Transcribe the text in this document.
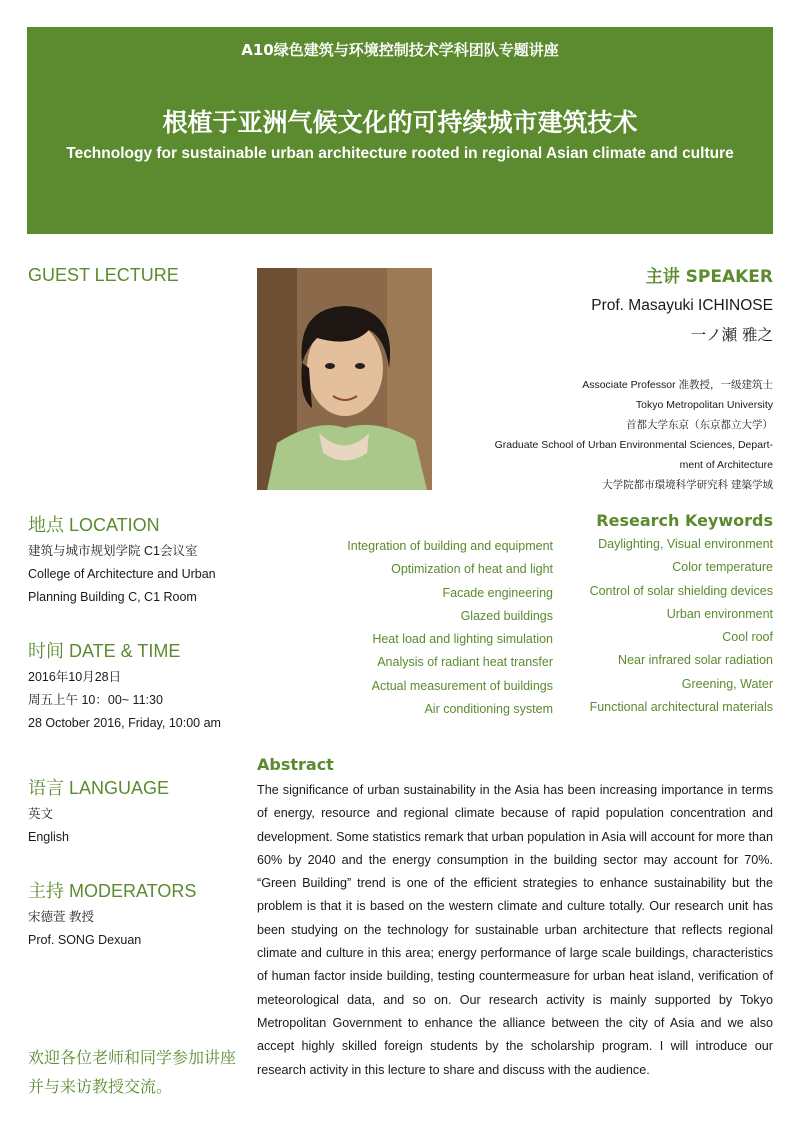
A10绿色建筑与环境控制技术学科团队专题讲座
根植于亚洲气候文化的可持续城市建筑技术
Technology for sustainable urban architecture rooted in regional Asian climate and culture
GUEST LECTURE	主讲 SPEAKER
Prof. Masayuki ICHINOSE
一ノ瀬 雅之
Associate Professor 准教授，一级建筑士
Tokyo Metropolitan University
首都大学东京（东京都立大学）
Graduate School of Urban Environmental Sciences, Depart-
ment of Architecture
大学院都市環境科学研究科 建築学域
地点 LOCATION
建筑与城市规划学院 C1会议室
College of Architecture and Urban
Planning Building C, C1 Room
Research Keywords
Integration of building and equipment
Optimization of heat and light
Facade engineering
Glazed buildings
Heat load and lighting simulation
Analysis of radiant heat transfer
Actual measurement of buildings
Air conditioning system
Daylighting, Visual environment
Color temperature
Control of solar shielding devices
Urban environment
Cool roof
Near infrared solar radiation
Greening, Water
Functional architectural materials
时间 DATE & TIME
2016年10月28日
周五上午 10：00~ 11:30
28 October 2016, Friday, 10:00 am
语言 LANGUAGE
英文
English
主持 MODERATORS
宋德萱 教授
Prof. SONG Dexuan
Abstract
The significance of urban sustainability in the Asia has been increasing importance in terms of energy, resource and regional climate because of rapid population concentration and development. Some statistics remark that urban population in Asia will account for more than 60% by 2040 and the energy consumption in the building sector may account for 70%. “Green Building” trend is one of the efficient strategies to enhance sustainability but the problem is that it is based on the western climate and culture totally. Our research unit has been studying on the technology for sustainable urban architecture that reflects regional climate and culture in this area; energy performance of large scale buildings, characteristics of human factor inside building, testing countermeasure for urban heat island, verification of meteorological data, and so on. Our research activity is mainly supported by Tokyo Metropolitan Government to enhance the alliance between the city of Asia and we also accept highly skilled foreign students by the scholarship program. I will introduce our research activity in this lecture to share and discuss with the audience.
欢迎各位老师和同学参加讲座并与来访教授交流。
